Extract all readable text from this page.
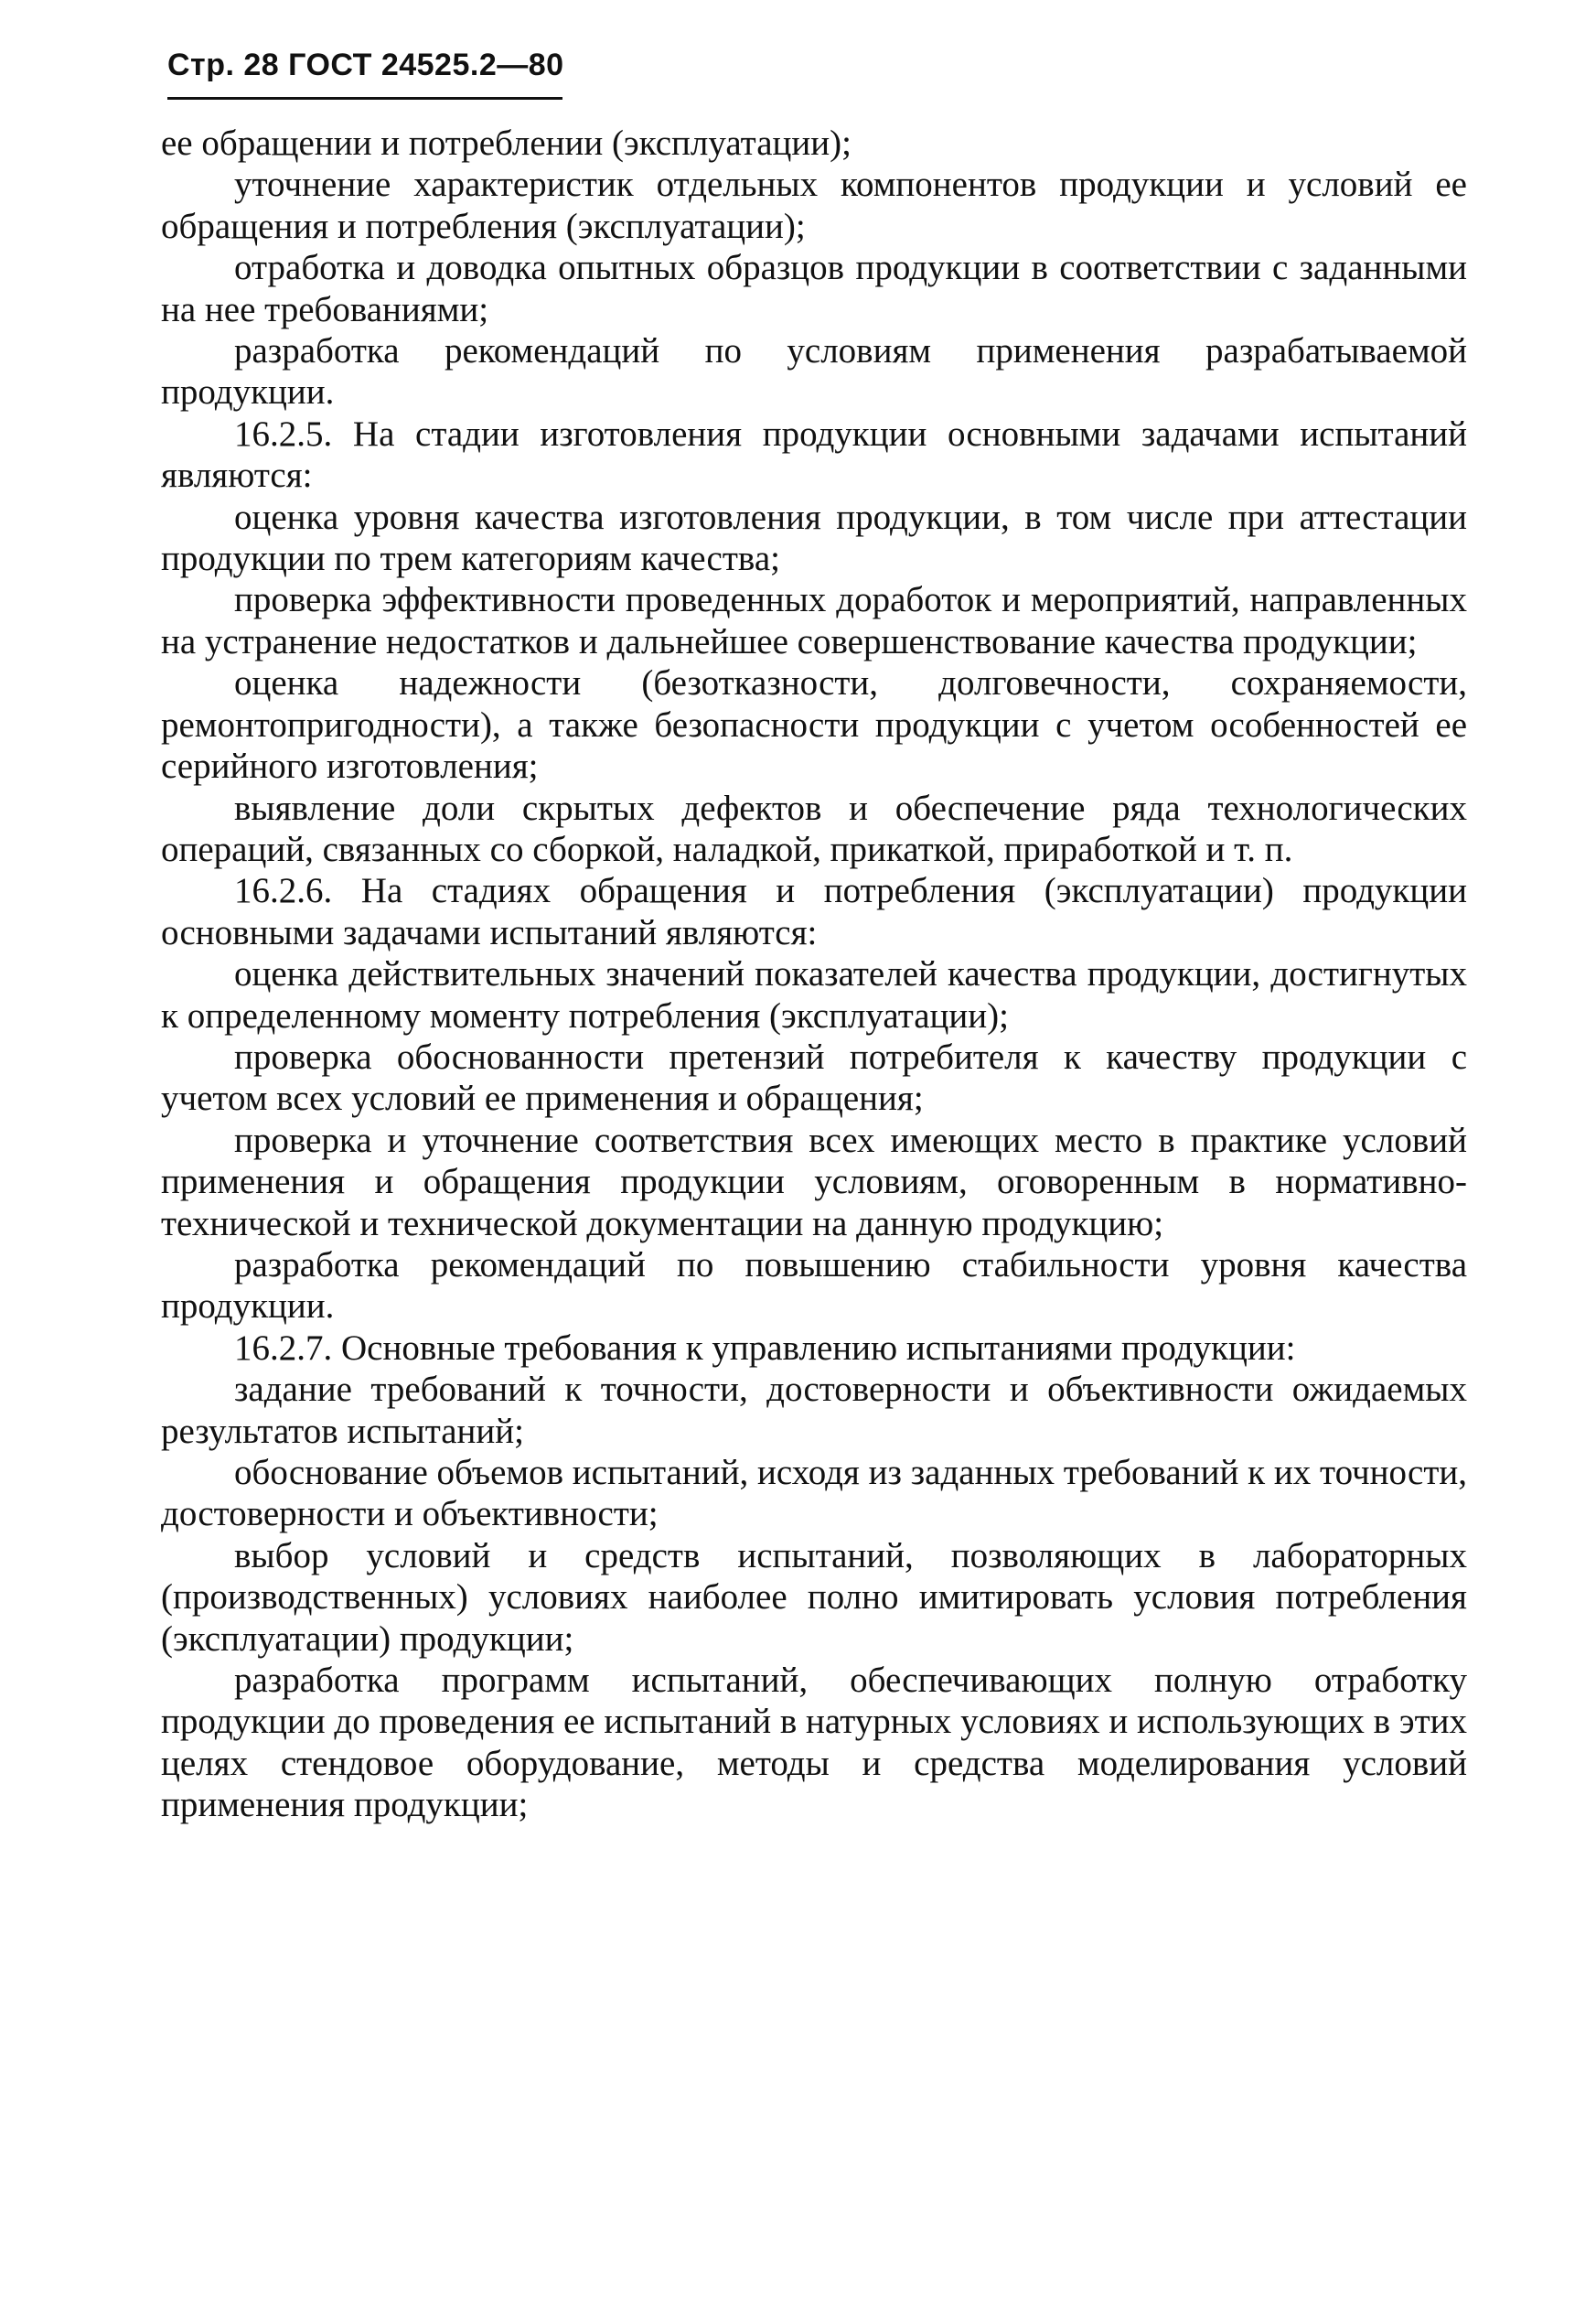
Стр. 28 ГОСТ 24525.2—80

ее обращении и потреблении (эксплуатации);

уточнение характеристик отдельных компонентов продукции и условий ее обращения и потребления (эксплуатации);

отработка и доводка опытных образцов продукции в соответствии с заданными на нее требованиями;

разработка рекомендаций по условиям применения разрабатываемой продукции.

16.2.5. На стадии изготовления продукции основными задачами испытаний являются:

оценка уровня качества изготовления продукции, в том числе при аттестации продукции по трем категориям качества;

проверка эффективности проведенных доработок и мероприятий, направленных на устранение недостатков и дальнейшее совершенствование качества продукции;

оценка надежности (безотказности, долговечности, сохраняемости, ремонтопригодности), а также безопасности продукции с учетом особенностей ее серийного изготовления;

выявление доли скрытых дефектов и обеспечение ряда технологических операций, связанных со сборкой, наладкой, прикаткой, приработкой и т. п.

16.2.6. На стадиях обращения и потребления (эксплуатации) продукции основными задачами испытаний являются:

оценка действительных значений показателей качества продукции, достигнутых к определенному моменту потребления (эксплуатации);

проверка обоснованности претензий потребителя к качеству продукции с учетом всех условий ее применения и обращения;

проверка и уточнение соответствия всех имеющих место в практике условий применения и обращения продукции условиям, оговоренным в нормативно-технической и технической документации на данную продукцию;

разработка рекомендаций по повышению стабильности уровня качества продукции.

16.2.7. Основные требования к управлению испытаниями продукции:

задание требований к точности, достоверности и объективности ожидаемых результатов испытаний;

обоснование объемов испытаний, исходя из заданных требований к их точности, достоверности и объективности;

выбор условий и средств испытаний, позволяющих в лабораторных (производственных) условиях наиболее полно имитировать условия потребления (эксплуатации) продукции;

разработка программ испытаний, обеспечивающих полную отработку продукции до проведения ее испытаний в натурных условиях и использующих в этих целях стендовое оборудование, методы и средства моделирования условий применения продукции;
